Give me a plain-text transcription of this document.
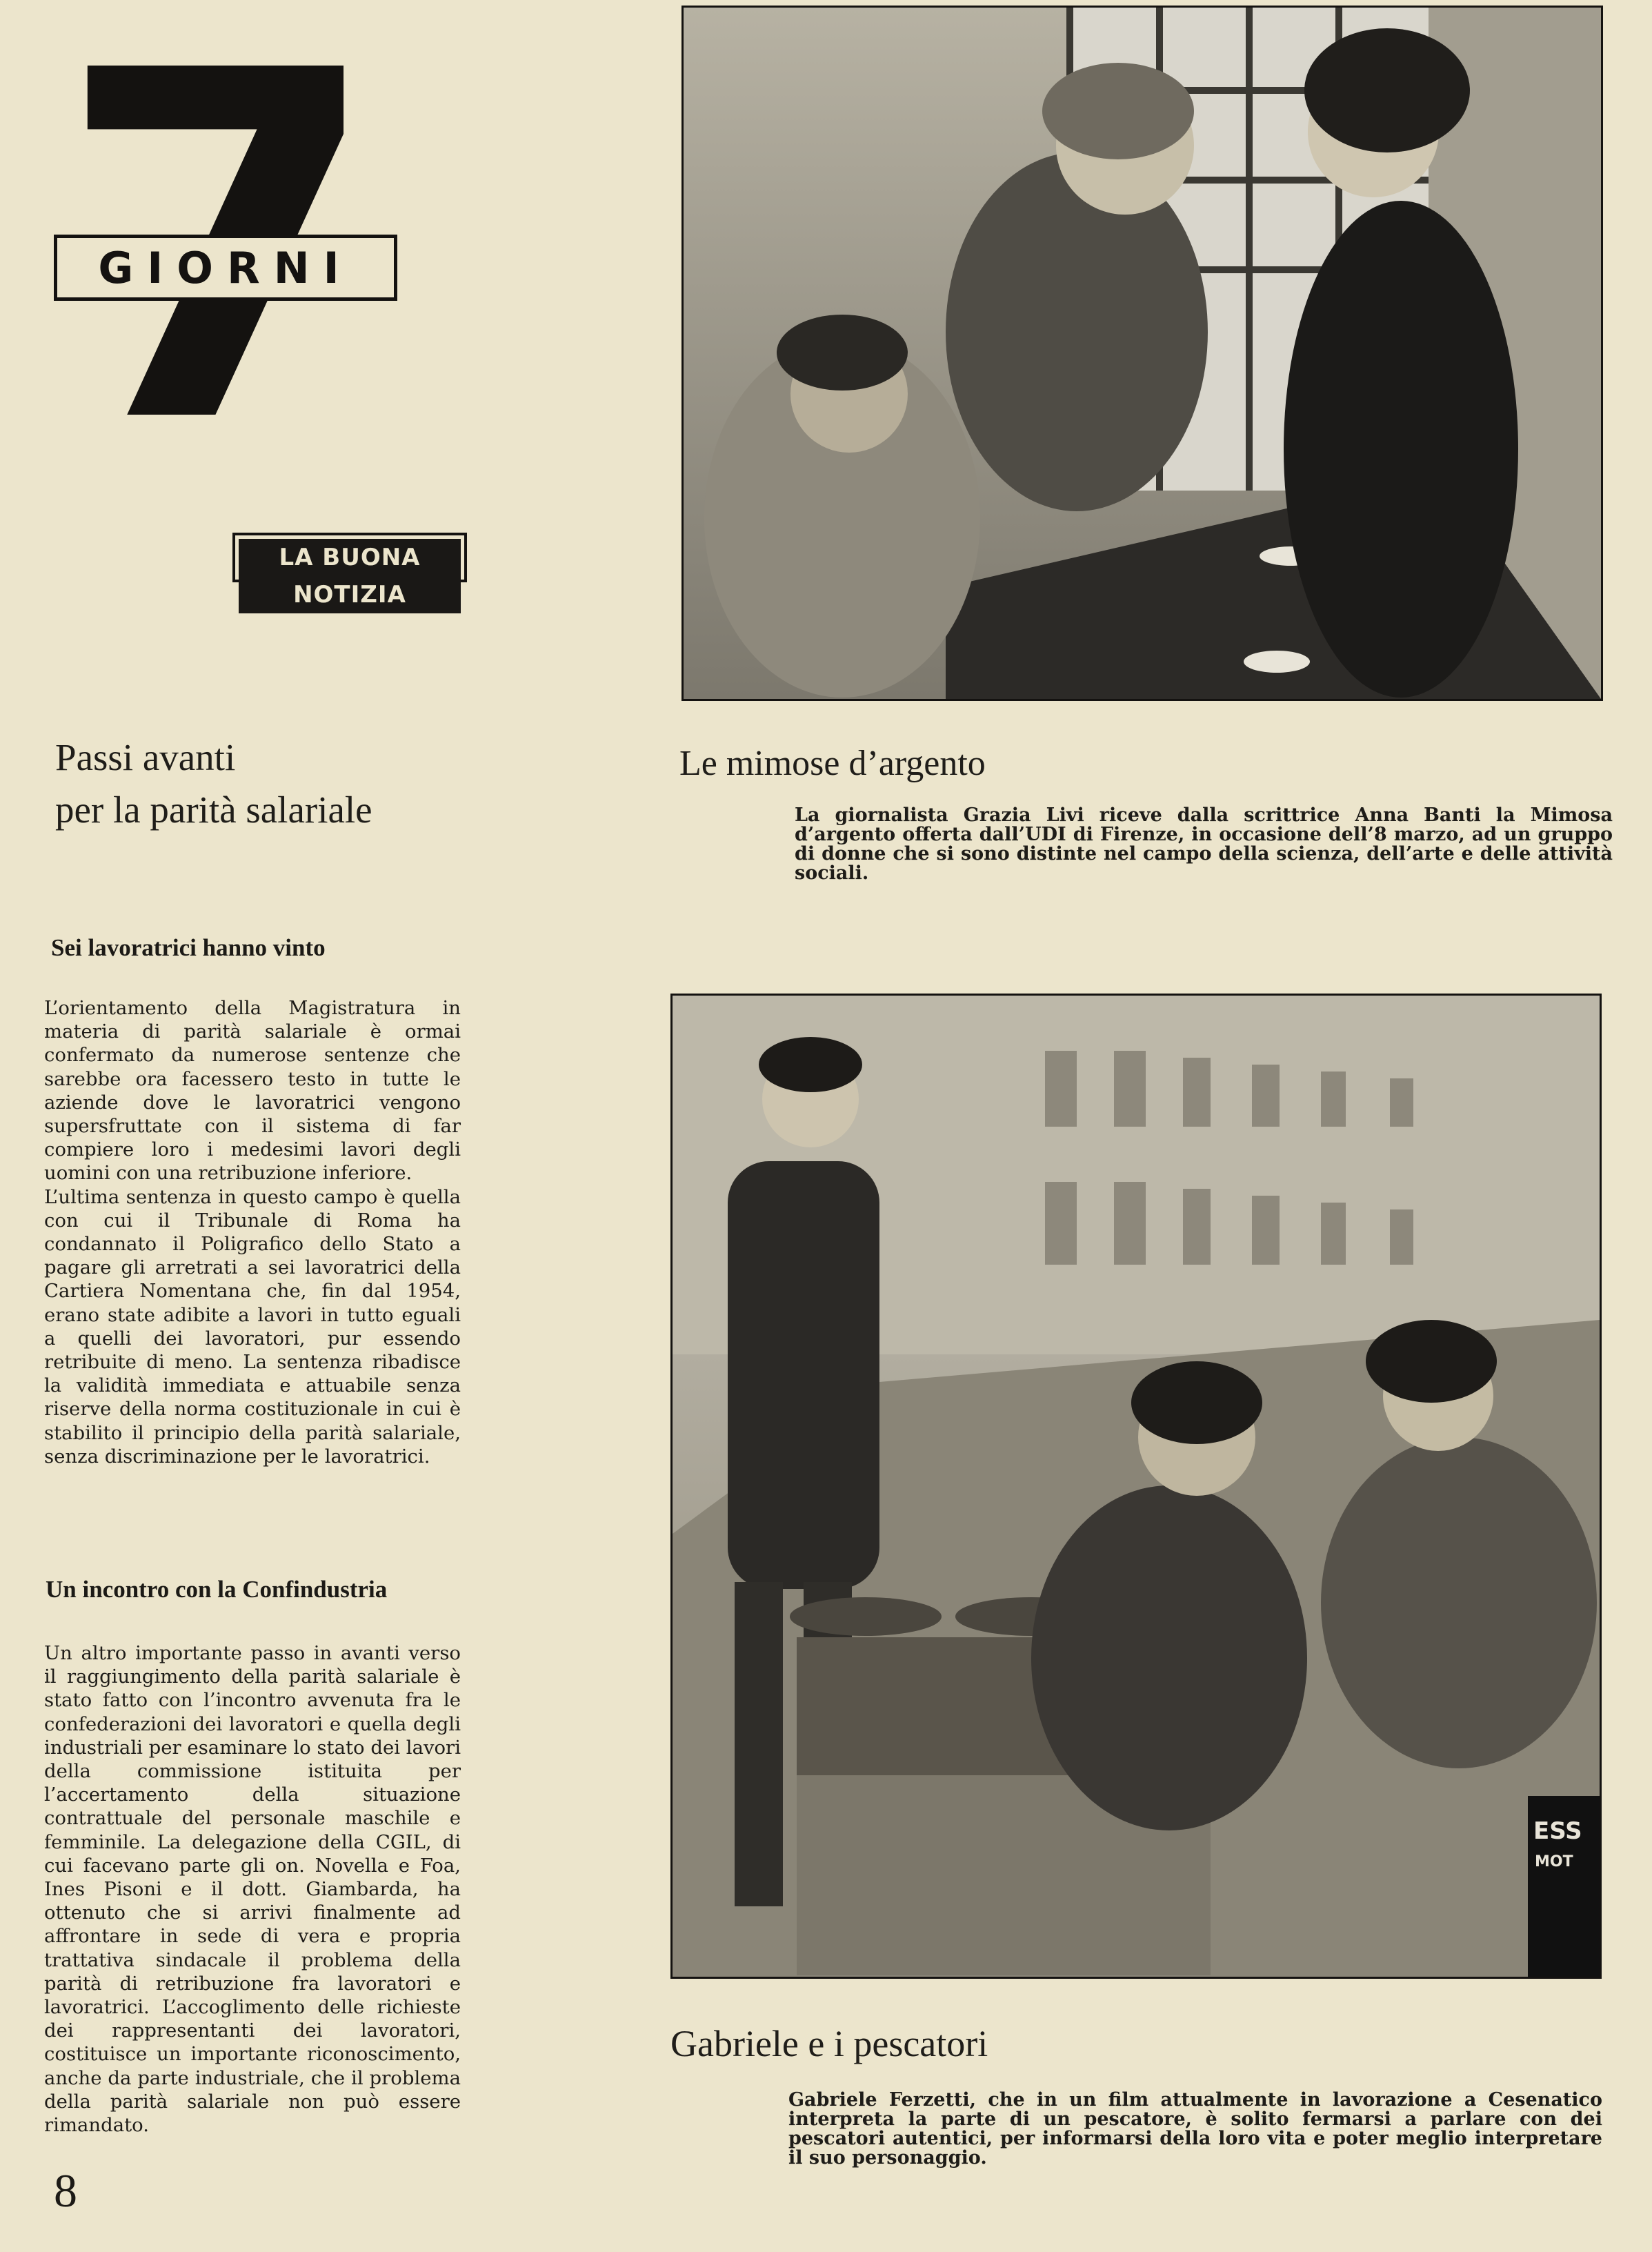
GIORNI
LA BUONA NOTIZIA
Passi avanti
per la parità salariale
Sei lavoratrici hanno vinto
L’orientamento della Magistratura in materia di parità salariale è ormai confermato da numerose sentenze che sarebbe ora facessero testo in tutte le aziende dove le lavoratrici vengono supersfruttate con il sistema di far compiere loro i medesimi lavori degli uomini con una retribuzione inferiore.
L’ultima sentenza in questo campo è quella con cui il Tribunale di Roma ha condannato il Poligrafico dello Stato a pagare gli arretrati a sei lavoratrici della Cartiera Nomentana che, fin dal 1954, erano state adibite a lavori in tutto eguali a quelli dei lavoratori, pur essendo retribuite di meno. La sentenza ribadisce la validità immediata e attuabile senza riserve della norma costituzionale in cui è stabilito il principio della parità salariale, senza discriminazione per le lavoratrici.
Un incontro con la Confindustria
Un altro importante passo in avanti verso il raggiungimento della parità salariale è stato fatto con l’incontro avvenuta fra le confederazioni dei lavoratori e quella degli industriali per esaminare lo stato dei lavori della commissione istituita per l’accertamento della situazione contrattuale del personale maschile e femminile. La delegazione della CGIL, di cui facevano parte gli on. Novella e Foa, Ines Pisoni e il dott. Giambarda, ha ottenuto che si arrivi finalmente ad affrontare in sede di vera e propria trattativa sindacale il problema della parità di retribuzione fra lavoratori e lavoratrici. L’accoglimento delle richieste dei rappresentanti dei lavoratori, costituisce un importante riconoscimento, anche da parte industriale, che il problema della parità salariale non può essere rimandato.
Le mimose d’argento
La giornalista Grazia Livi riceve dalla scrittrice Anna Banti la Mimosa d’argento offerta dall’UDI di Firenze, in occasione dell’8 marzo, ad un gruppo di donne che si sono distinte nel campo della scienza, dell’arte e delle attività sociali.
ESS
MOT
Gabriele e i pescatori
Gabriele Ferzetti, che in un film attualmente in lavorazione a Cesenatico interpreta la parte di un pescatore, è solito fermarsi a parlare con dei pescatori autentici, per informarsi della loro vita e poter meglio interpretare il suo personaggio.
8
